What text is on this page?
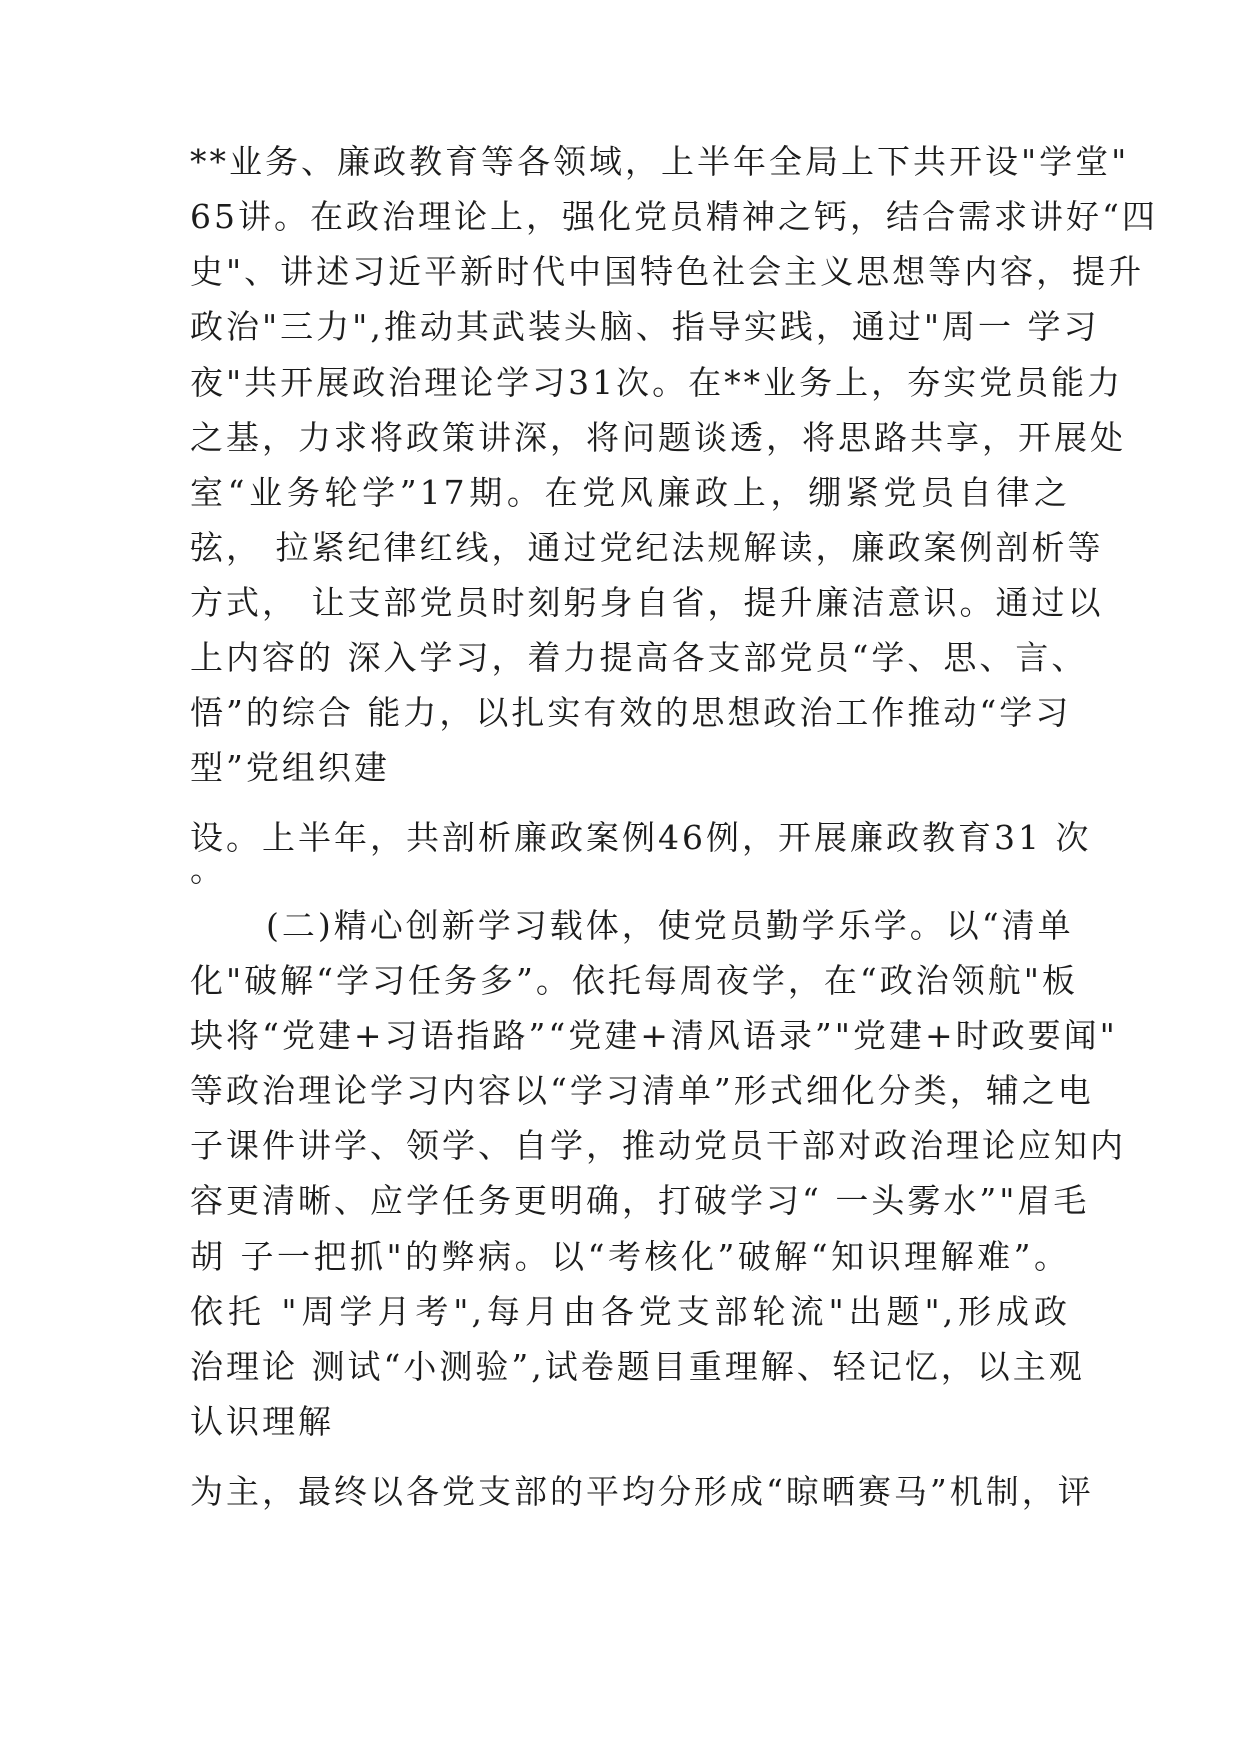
**业务、廉政教育等各领域，上半年全局上下共开设"学堂"
65讲。在政治理论上，强化党员精神之钙，结合需求讲好“四
史"、讲述习近平新时代中国特色社会主义思想等内容，提升
政治"三力",推动其武装头脑、指导实践，通过"周一 学习
夜"共开展政治理论学习31次。在**业务上，夯实党员能力
之基，力求将政策讲深，将问题谈透，将思路共享，开展处
室“业务轮学”17期。在党风廉政上，绷紧党员自律之
弦， 拉紧纪律红线，通过党纪法规解读，廉政案例剖析等
方式， 让支部党员时刻躬身自省，提升廉洁意识。通过以
上内容的 深入学习，着力提高各支部党员“学、思、言、
悟”的综合 能力，以扎实有效的思想政治工作推动“学习
型”党组织建
设。上半年，共剖析廉政案例46例，开展廉政教育31 次
。
(二)精心创新学习载体，使党员勤学乐学。以“清单
化"破解“学习任务多”。依托每周夜学，在“政治领航"板
块将“党建+习语指路”“党建+清风语录”"党建+时政要闻"
等政治理论学习内容以“学习清单”形式细化分类，辅之电
子课件讲学、领学、自学，推动党员干部对政治理论应知内
容更清晰、应学任务更明确，打破学习“ 一头雾水”"眉毛
胡 子一把抓"的弊病。以“考核化”破解“知识理解难”。
依托 "周学月考",每月由各党支部轮流"出题",形成政
治理论 测试“小测验”,试卷题目重理解、轻记忆，以主观
认识理解
为主，最终以各党支部的平均分形成“晾晒赛马”机制，评
